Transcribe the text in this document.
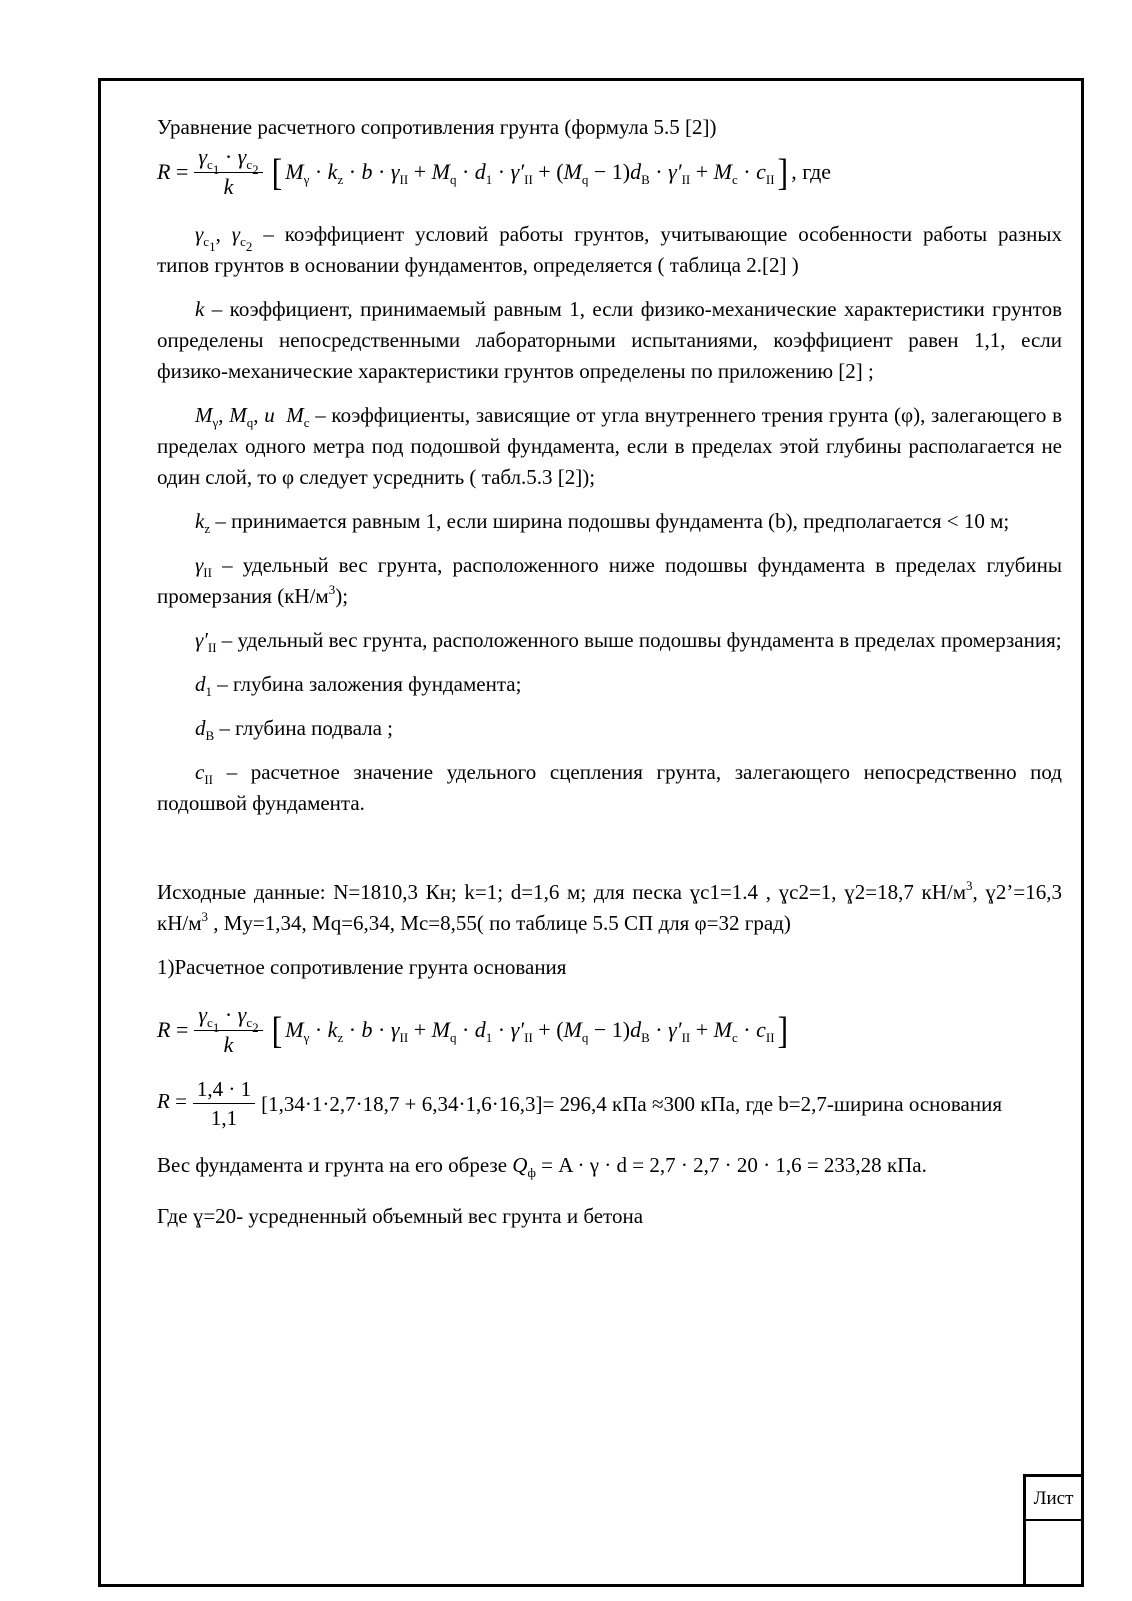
Лист

Уравнение расчетного сопротивления грунта (формула 5.5 [2])

$R = \frac{\gamma_{c_1} \cdot \gamma_{c_2}}{k}$ [ $M_\gamma \cdot k_z \cdot b \cdot \gamma_{II} + M_q \cdot d_1 \cdot \gamma'_{II} + (M_q - 1)d_B \cdot \gamma'_{II} + M_c \cdot c_{II}$ ] , где

$\gamma_{c_1}$, $\gamma_{c_2}$ – коэффициент условий работы грунтов, учитывающие особенности работы разных типов грунтов в основании фундаментов, определяется ( таблица 2.[2] )

k – коэффициент, принимаемый равным 1, если физико-механические характеристики грунтов определены непосредственными лабораторными испытаниями, коэффициент равен 1,1, если физико-механические характеристики грунтов определены по приложению [2] ;

$M_\gamma$, $M_q$, и $M_c$ – коэффициенты, зависящие от угла внутреннего трения грунта (φ), залегающего в пределах одного метра под подошвой фундамента, если в пределах этой глубины располагается не один слой, то φ следует усреднить ( табл.5.3 [2]);

$k_z$ – принимается равным 1, если ширина подошвы фундамента (b), предполагается < 10 м;

$\gamma_{II}$ – удельный вес грунта, расположенного ниже подошвы фундамента в пределах глубины промерзания $(кН/м^3)$;

$\gamma'_{II}$ – удельный вес грунта, расположенного выше подошвы фундамента в пределах промерзания;

$d_1$ – глубина заложения фундамента;

$d_B$ – глубина подвала ;

$c_{II}$ – расчетное значение удельного сцепления грунта, залегающего непосредственно под подошвой фундамента.

Исходные данные: N=1810,3 Кн; k=1; d=1,6 м; для песка ɣc1=1.4 , ɣc2=1, ɣ2=18,7 $кН/м^3$, ɣ2’=16,3 $кН/м^3$ , My=1,34, Mq=6,34, Mc=8,55( по таблице 5.5 СП для φ=32 град)

1)Расчетное сопротивление грунта основания

$R = \frac{\gamma_{c_1} \cdot \gamma_{c_2}}{k}$ [ $M_\gamma \cdot k_z \cdot b \cdot \gamma_{II} + M_q \cdot d_1 \cdot \gamma'_{II} + (M_q - 1)d_B \cdot \gamma'_{II} + M_c \cdot c_{II}$ ]
R
= $\frac{1,4 \cdot 1}{1,1} [1,34\cdot 1\cdot 2,7\cdot 18,7 + 6,34\cdot 1,6\cdot 16,3]= 296,4$ кПа ≈300 кПа, где b=2,7-ширина основания

Вес фундамента и грунта на его обрезе $Q_ф = A \cdot \gamma \cdot d = 2,7 \cdot 2,7 \cdot 20 \cdot 1,6 = 233,28$ кПа.

Где ɣ=20- усредненный объемный вес грунта и бетона
